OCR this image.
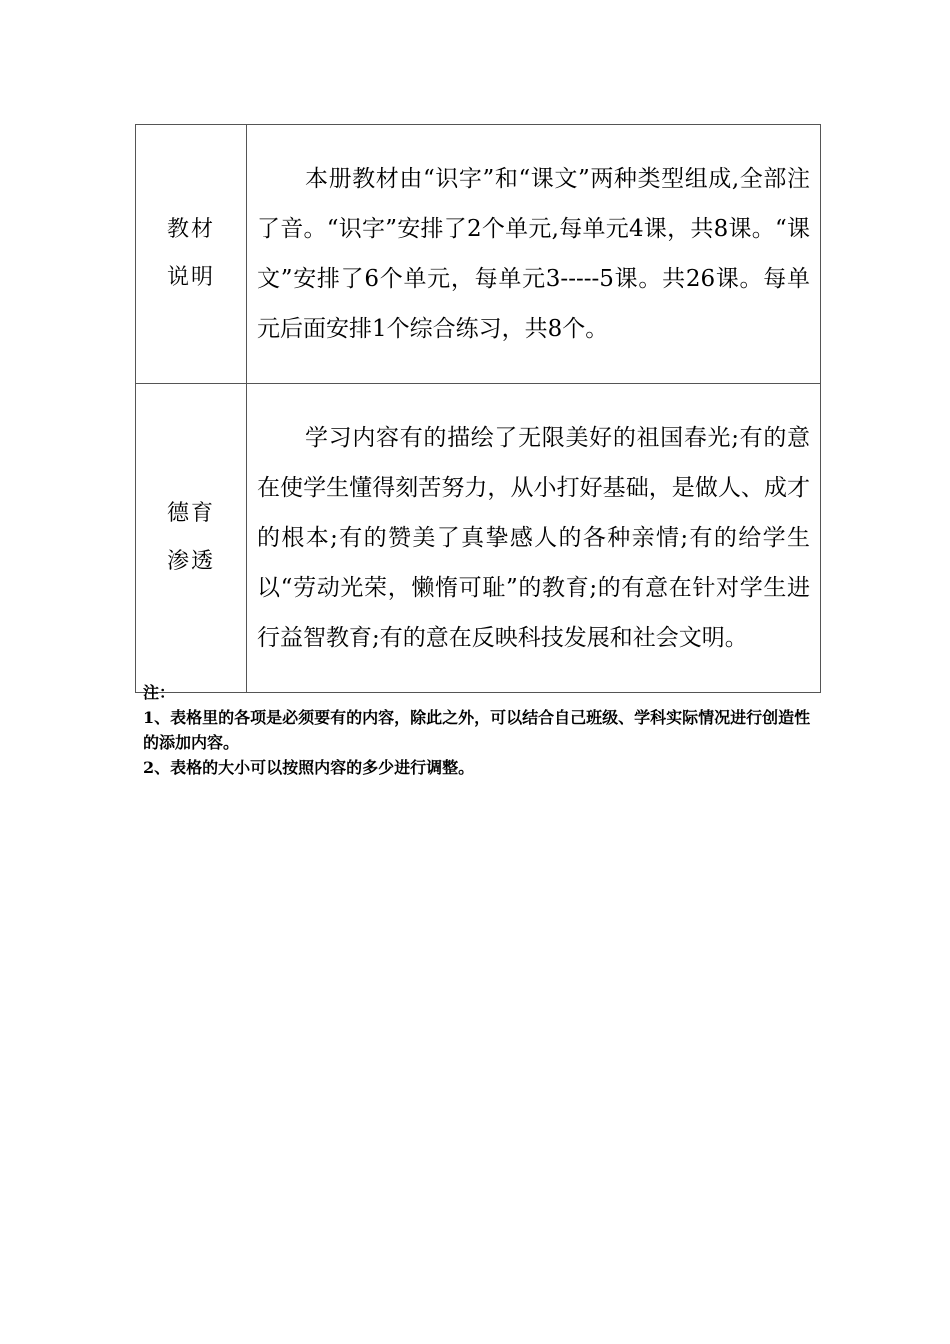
教材
说明	本册教材由“识字”和“课文”两种类型组成,全部注了音。“识字”安排了2个单元,每单元4课，共8课。“课文”安排了6个单元，每单元3-----5课。共26课。每单元后面安排1个综合练习，共8个。

德育
渗透	学习内容有的描绘了无限美好的祖国春光;有的意在使学生懂得刻苦努力，从小打好基础，是做人、成才的根本;有的赞美了真挚感人的各种亲情;有的给学生以“劳动光荣，懒惰可耻”的教育;的有意在针对学生进行益智教育;有的意在反映科技发展和社会文明。

注：
1、表格里的各项是必须要有的内容，除此之外，可以结合自己班级、学科实际情况进行创造性的添加内容。
2、表格的大小可以按照内容的多少进行调整。
